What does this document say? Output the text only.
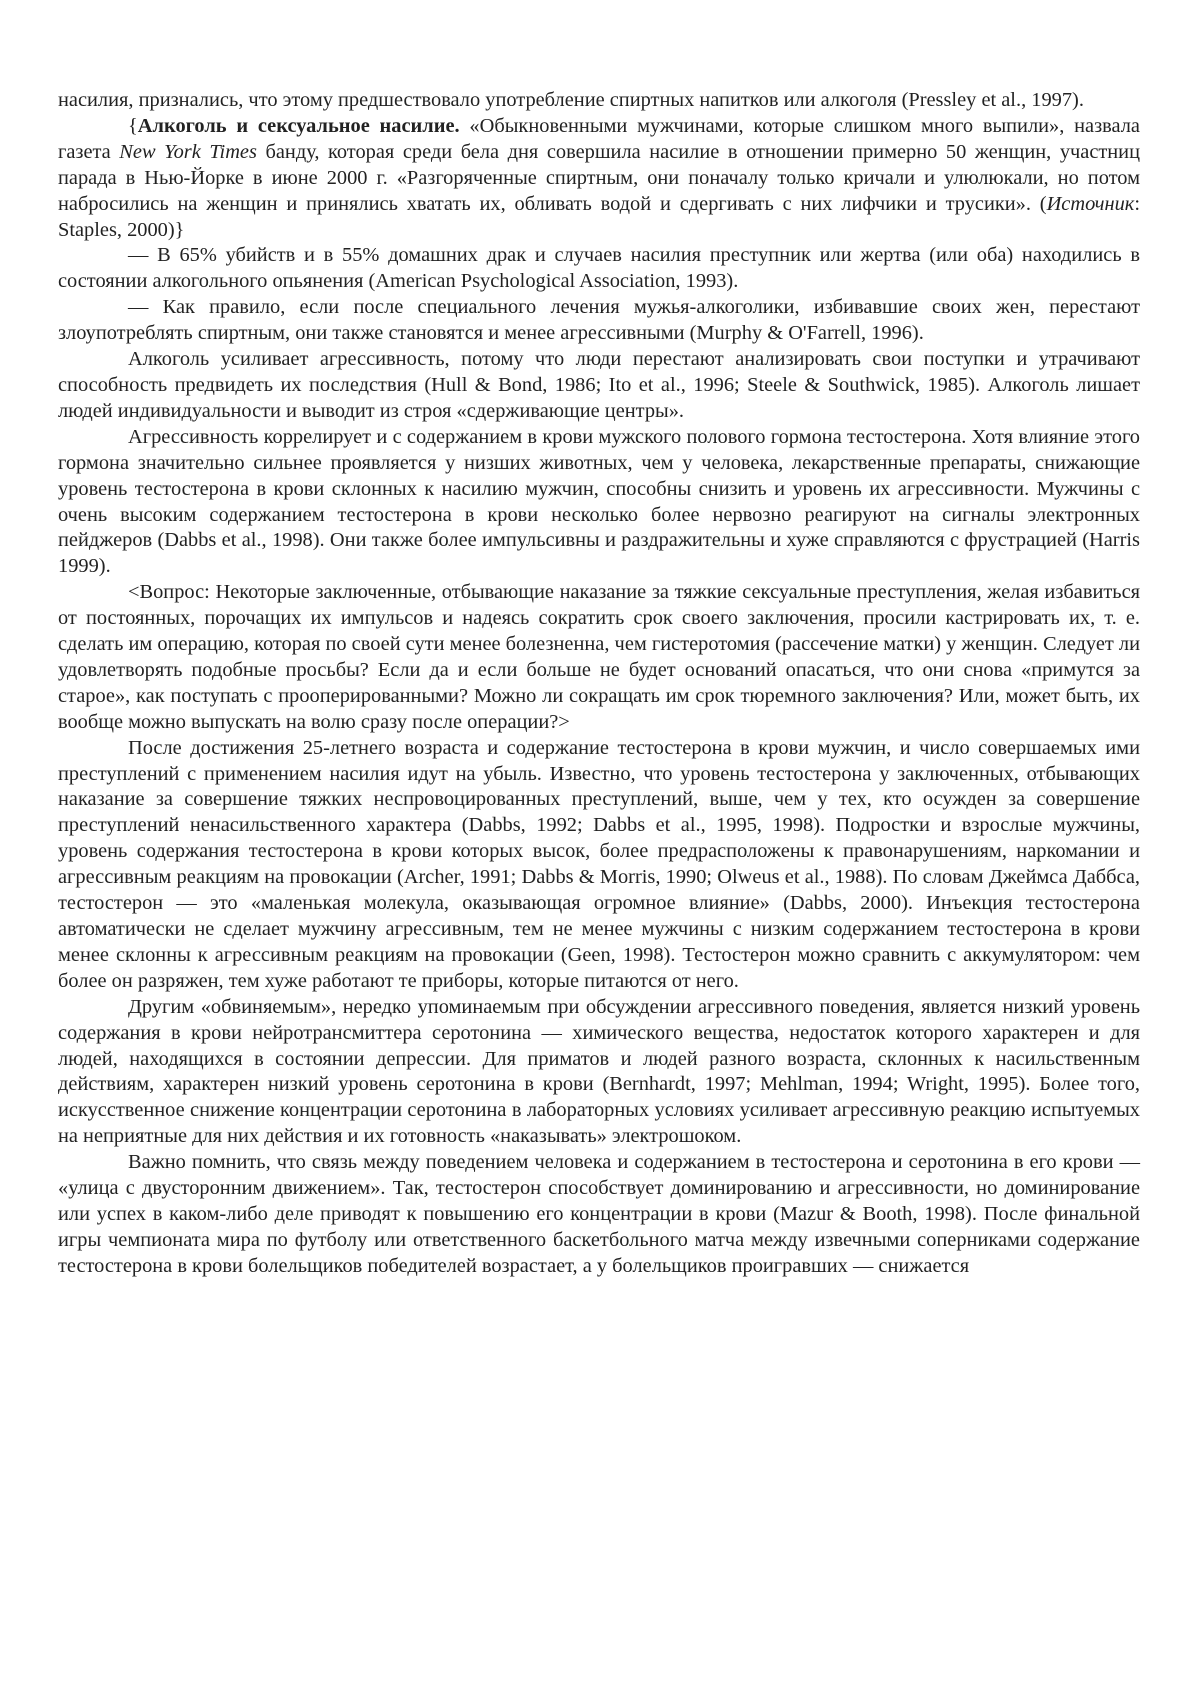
насилия, признались, что этому предшествовало употребление спиртных напитков или алкоголя (Pressley et al., 1997).

{Алкоголь и сексуальное насилие. «Обыкновенными мужчинами, которые слишком много выпили», назвала газета New York Times банду, которая среди бела дня совершила насилие в отношении примерно 50 женщин, участниц парада в Нью-Йорке в июне 2000 г. «Разгоряченные спиртным, они поначалу только кричали и улюлюкали, но потом набросились на женщин и принялись хватать их, обливать водой и сдергивать с них лифчики и трусики». (Источник: Staples, 2000)}

— В 65% убийств и в 55% домашних драк и случаев насилия преступник или жертва (или оба) находились в состоянии алкогольного опьянения (American Psychological Association, 1993).

— Как правило, если после специального лечения мужья-алкоголики, избивавшие своих жен, перестают злоупотреблять спиртным, они также становятся и менее агрессивными (Murphy & O'Farrell, 1996).

Алкоголь усиливает агрессивность, потому что люди перестают анализировать свои поступки и утрачивают способность предвидеть их последствия (Hull & Bond, 1986; Ito et al., 1996; Steele & Southwick, 1985). Алкоголь лишает людей индивидуальности и выводит из строя «сдерживающие центры».

Агрессивность коррелирует и с содержанием в крови мужского полового гормона тестостерона. Хотя влияние этого гормона значительно сильнее проявляется у низших животных, чем у человека, лекарственные препараты, снижающие уровень тестостерона в крови склонных к насилию мужчин, способны снизить и уровень их агрессивности. Мужчины с очень высоким содержанием тестостерона в крови несколько более нервозно реагируют на сигналы электронных пейджеров (Dabbs et al., 1998). Они также более импульсивны и раздражительны и хуже справляются с фрустрацией (Harris 1999).

<Вопрос: Некоторые заключенные, отбывающие наказание за тяжкие сексуальные преступления, желая избавиться от постоянных, порочащих их импульсов и надеясь сократить срок своего заключения, просили кастрировать их, т. е. сделать им операцию, которая по своей сути менее болезненна, чем гистеротомия (рассечение матки) у женщин. Следует ли удовлетворять подобные просьбы? Если да и если больше не будет оснований опасаться, что они снова «примутся за старое», как поступать с прооперированными? Можно ли сокращать им срок тюремного заключения? Или, может быть, их вообще можно выпускать на волю сразу после операции?>

После достижения 25-летнего возраста и содержание тестостерона в крови мужчин, и число совершаемых ими преступлений с применением насилия идут на убыль. Известно, что уровень тестостерона у заключенных, отбывающих наказание за совершение тяжких неспровоцированных преступлений, выше, чем у тех, кто осужден за совершение преступлений ненасильственного характера (Dabbs, 1992; Dabbs et al., 1995, 1998). Подростки и взрослые мужчины, уровень содержания тестостерона в крови которых высок, более предрасположены к правонарушениям, наркомании и агрессивным реакциям на провокации (Archer, 1991; Dabbs & Morris, 1990; Olweus et al., 1988). По словам Джеймса Даббса, тестостерон — это «маленькая молекула, оказывающая огромное влияние» (Dabbs, 2000). Инъекция тестостерона автоматически не сделает мужчину агрессивным, тем не менее мужчины с низким содержанием тестостерона в крови менее склонны к агрессивным реакциям на провокации (Geen, 1998). Тестостерон можно сравнить с аккумулятором: чем более он разряжен, тем хуже работают те приборы, которые питаются от него.

Другим «обвиняемым», нередко упоминаемым при обсуждении агрессивного поведения, является низкий уровень содержания в крови нейротрансмиттера серотонина — химического вещества, недостаток которого характерен и для людей, находящихся в состоянии депрессии. Для приматов и людей разного возраста, склонных к насильственным действиям, характерен низкий уровень серотонина в крови (Bernhardt, 1997; Mehlman, 1994; Wright, 1995). Более того, искусственное снижение концентрации серотонина в лабораторных условиях усиливает агрессивную реакцию испытуемых на неприятные для них действия и их готовность «наказывать» электрошоком.

Важно помнить, что связь между поведением человека и содержанием в тестостерона и серотонина в его крови — «улица с двусторонним движением». Так, тестостерон способствует доминированию и агрессивности, но доминирование или успех в каком-либо деле приводят к повышению его концентрации в крови (Mazur & Booth, 1998). После финальной игры чемпионата мира по футболу или ответственного баскетбольного матча между извечными соперниками содержание тестостерона в крови болельщиков победителей возрастает, а у болельщиков проигравших — снижается
